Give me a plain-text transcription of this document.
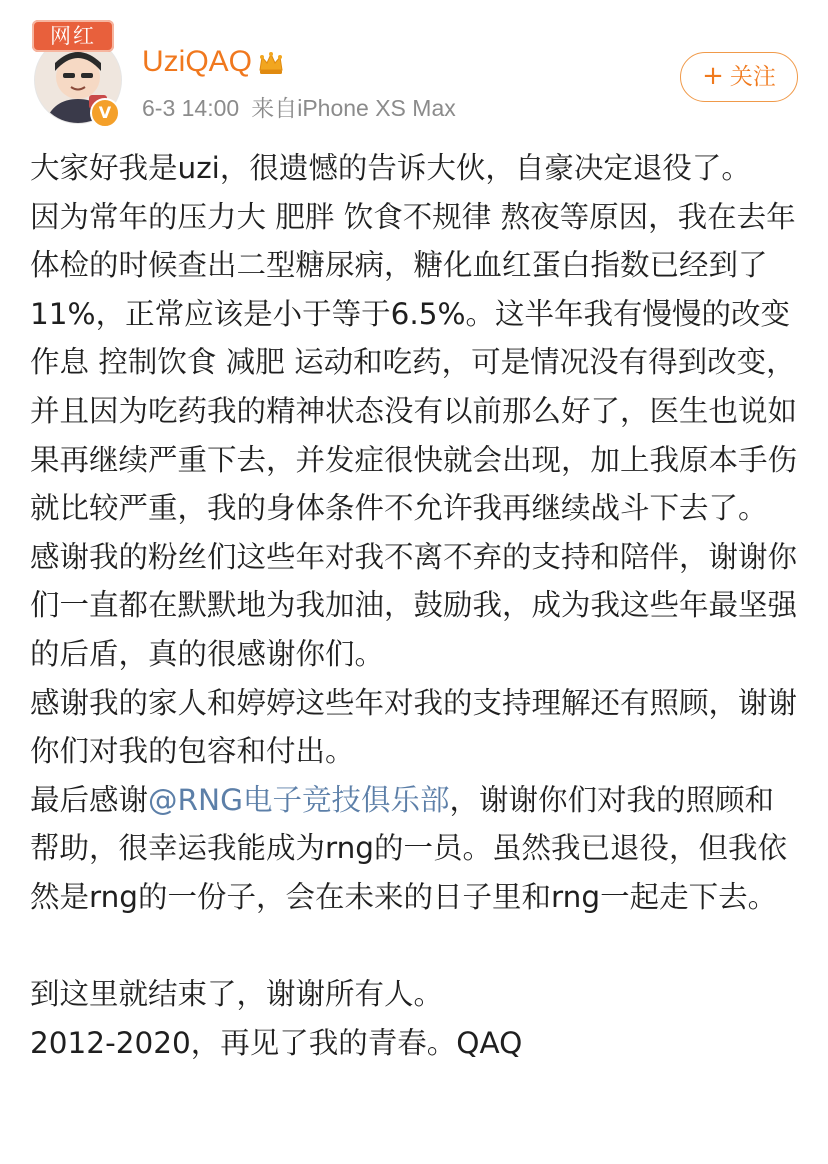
网红
V
UziQAQ
6-3 14:00 来自iPhone XS Max
+ 关注

大家好我是uzi，很遗憾的告诉大伙，自豪决定退役了。

因为常年的压力大 肥胖 饮食不规律 熬夜等原因，我在去年体检的时候查出二型糖尿病，糖化血红蛋白指数已经到了11%，正常应该是小于等于6.5%。这半年我有慢慢的改变作息 控制饮食 减肥 运动和吃药，可是情况没有得到改变，并且因为吃药我的精神状态没有以前那么好了，医生也说如果再继续严重下去，并发症很快就会出现，加上我原本手伤就比较严重，我的身体条件不允许我再继续战斗下去了。

感谢我的粉丝们这些年对我不离不弃的支持和陪伴，谢谢你们一直都在默默地为我加油，鼓励我，成为我这些年最坚强的后盾，真的很感谢你们。

感谢我的家人和婷婷这些年对我的支持理解还有照顾，谢谢你们对我的包容和付出。

最后感谢@RNG电子竞技俱乐部，谢谢你们对我的照顾和帮助，很幸运我能成为rng的一员。虽然我已退役，但我依然是rng的一份子，会在未来的日子里和rng一起走下去。

到这里就结束了，谢谢所有人。

2012-2020，再见了我的青春。QAQ
